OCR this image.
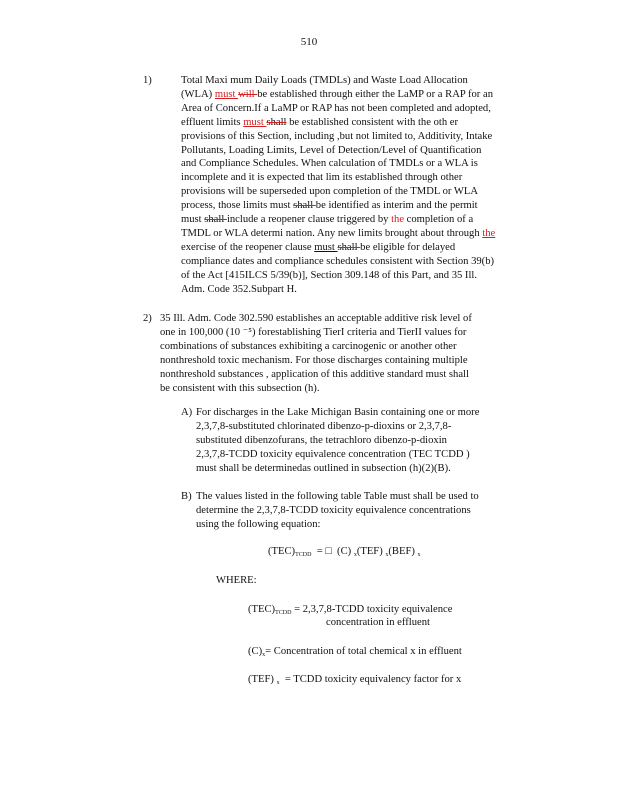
510
1)	Total Maxi mum Daily Loads (TMDLs) and Waste Load Allocation
(WLA) must will be established through either the LaMP or a RAP for an
Area of Concern.If a LaMP or RAP has not been completed and adopted,
effluent limits must shall be established consistent with the oth er
provisions of this Section, including ,but not limited to, Additivity, Intake
Pollutants, Loading Limits, Level of Detection/Level of Quantification
and Compliance Schedules. When calculation of TMDLs or a WLA is
incomplete and it is expected that lim its established through other
provisions will be superseded upon completion of the TMDL or WLA
process, those limits must shall be identified as interim and the permit
must shall include a reopener clause triggered by the completion of a
TMDL or WLA determi nation. Any new limits brought about through the
exercise of the reopener clause must shall be eligible for delayed
compliance dates and compliance schedules consistent with Section 39(b)
of the Act [415ILCS 5/39(b)], Section 309.148 of this Part, and 35 Ill.
Adm. Code 352.Subpart H.
2) 35 Ill. Adm. Code 302.590 establishes an acceptable additive risk level of
one in 100,000 (10 ⁻⁵) forestablishing TierI criteria and TierII values for
combinations of substances exhibiting a carcinogenic or another other
nonthreshold toxic mechanism. For those discharges containing multiple
nonthreshold substances , application of this additive standard must shall
be consistent with this subsection (h).
A) For discharges in the Lake Michigan Basin containing one or more
2,3,7,8-substituted chlorinated dibenzo-p-dioxins or 2,3,7,8-
substituted dibenzofurans, the tetrachloro dibenzo-p-dioxin
2,3,7,8-TCDD toxicity equivalence concentration (TEC TCDD )
must shall be determinedas outlined in subsection (h)(2)(B).
B) The values listed in the following table Table must shall be used to
determine the 2,3,7,8-TCDD toxicity equivalence concentrations
using the following equation:
$(TEC)_{TCDD}$ = □ (C) $_x$(TEF) $_x$(BEF) $_x$
WHERE:
$(TEC)_{TCDD}$ = 2,3,7,8-TCDD toxicity equivalence
concentration in effluent
$(C)_x=$ Concentration of total chemical x in effluent
(TEF) $_x$ = TCDD toxicity equivalency factor for x
